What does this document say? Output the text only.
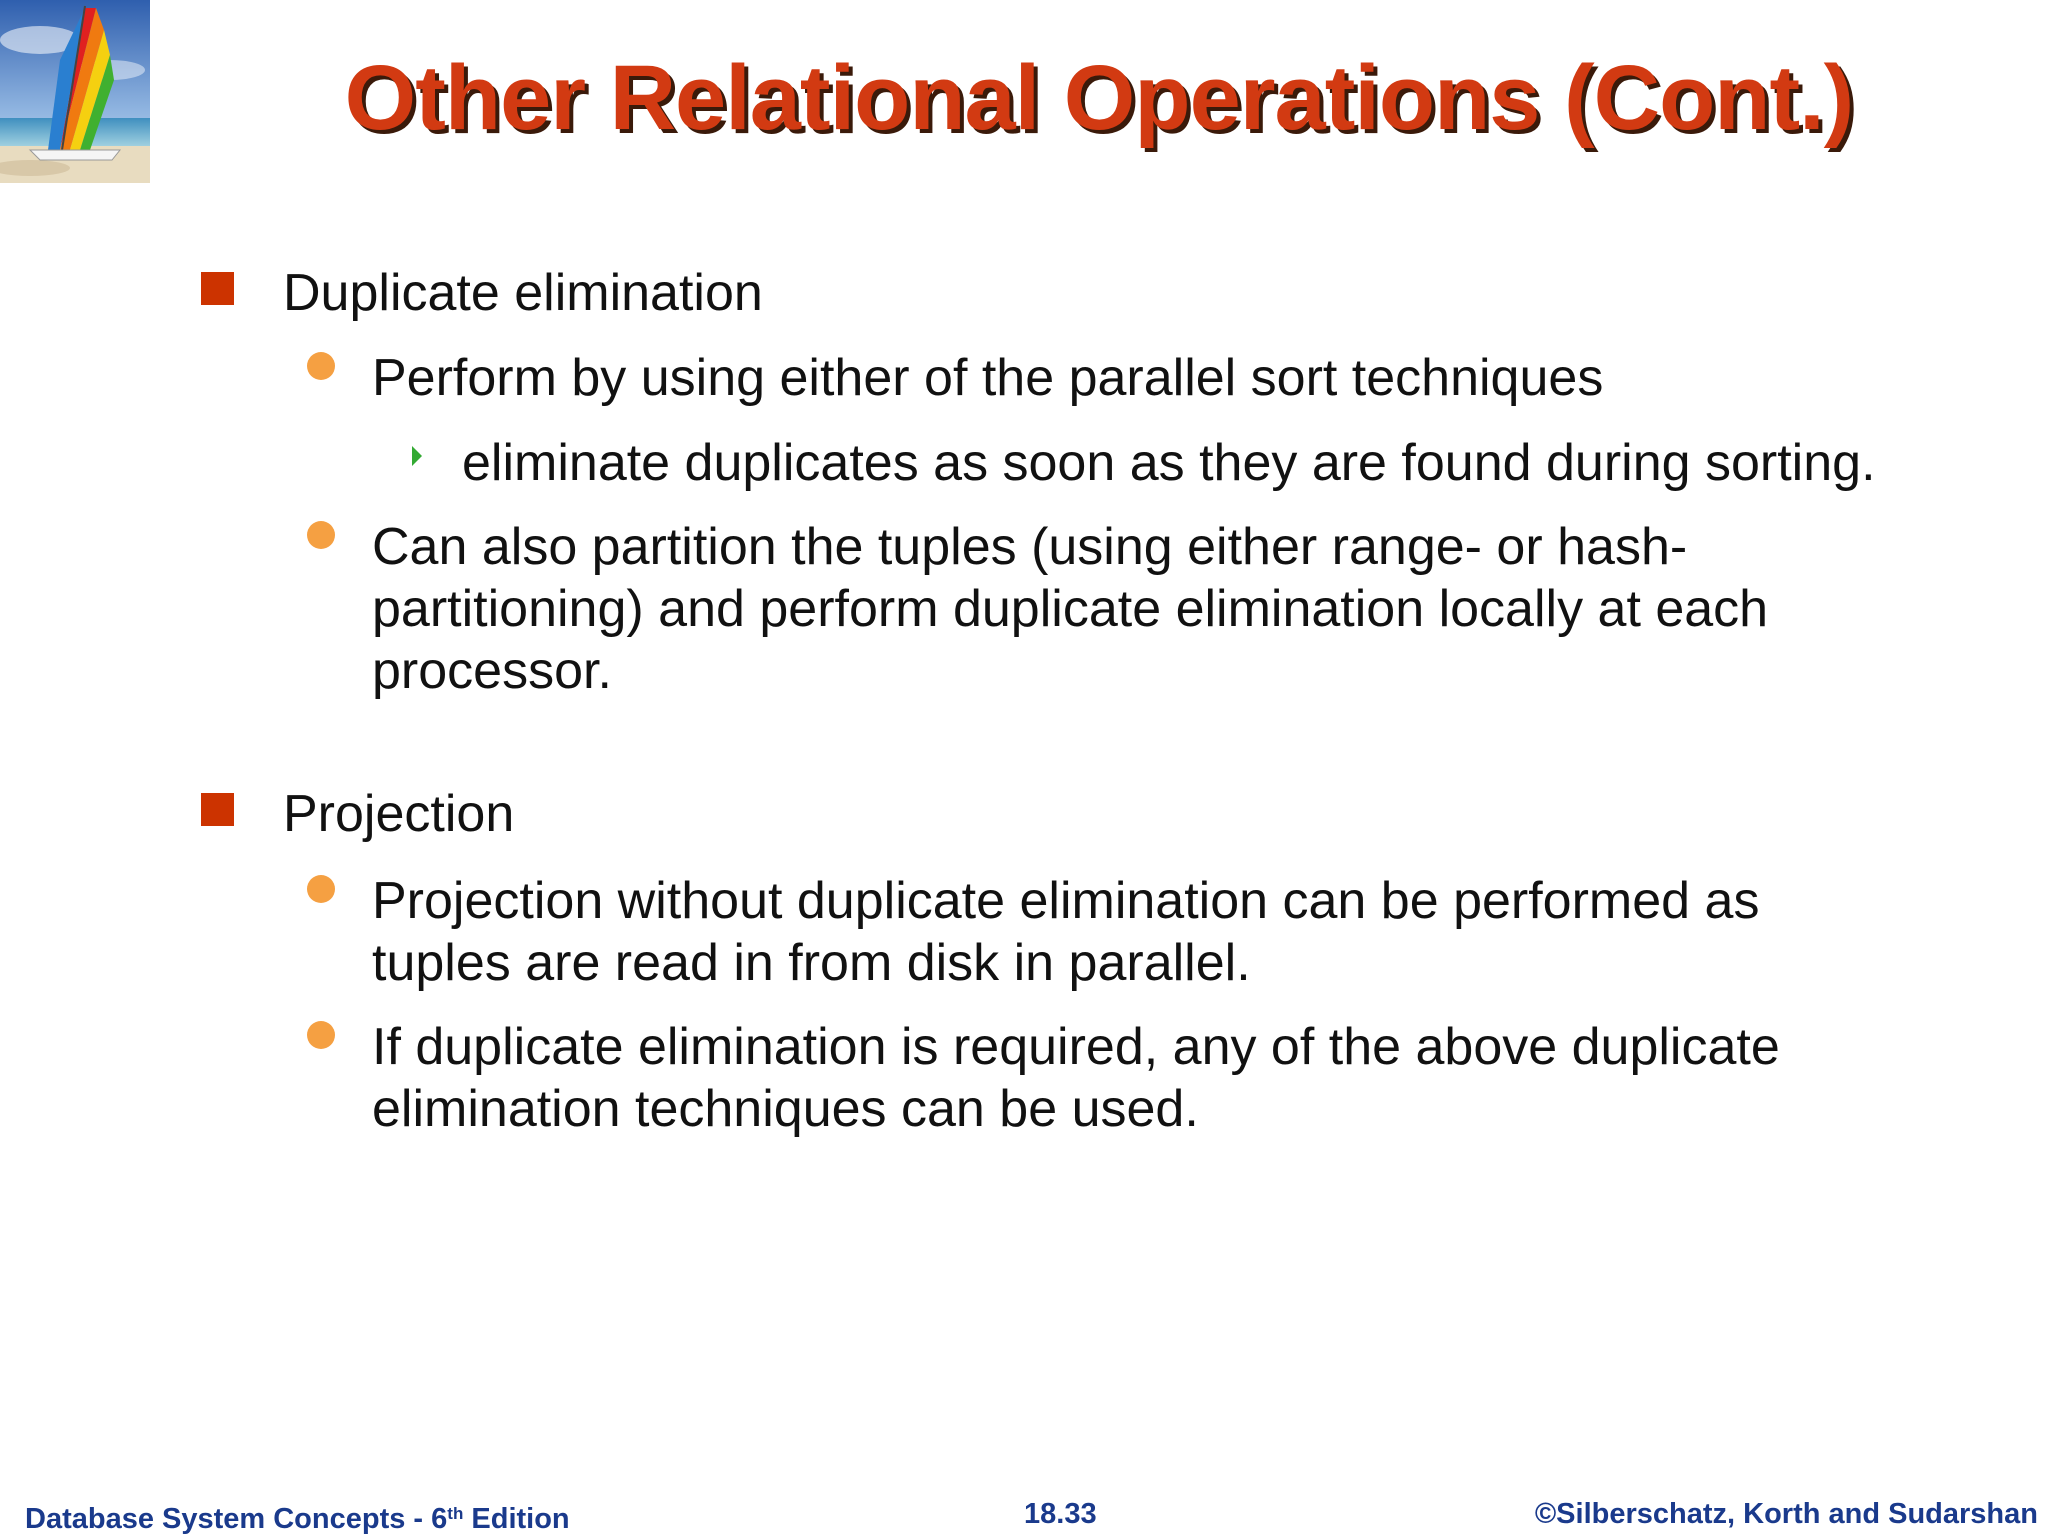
Other Relational Operations (Cont.)
Duplicate elimination
Perform by using either of the parallel sort techniques
eliminate duplicates as soon as they are found during sorting.
Can also partition the tuples (using either range- or hash-
partitioning) and perform duplicate elimination locally at each
processor.
Projection
Projection without duplicate elimination can be performed as
tuples are read in from disk in parallel.
If duplicate elimination is required, any of the above duplicate
elimination techniques can be used.
Database System Concepts - 6th Edition	18.33	©Silberschatz, Korth and Sudarshan
